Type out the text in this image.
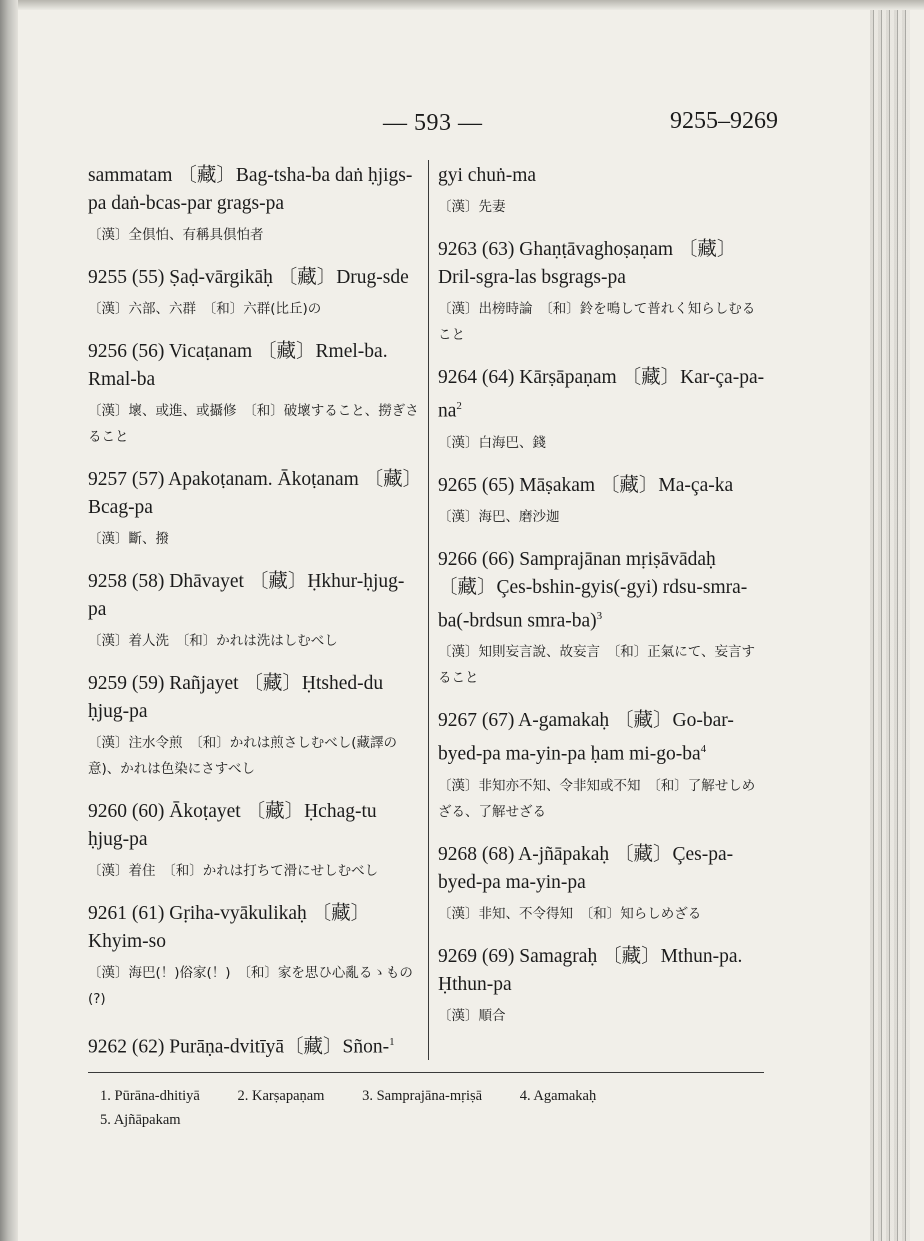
— 593 —	9255–9269

sammatam 〔藏〕Bag-tsha-ba daṅ ḥjigs-pa daṅ-bcas-par grags-pa

〔漢〕全倶怕、有稱具倶怕者

9255 (55) Ṣaḍ-vārgikāḥ 〔藏〕Drug-sde

〔漢〕六部、六群　〔和〕六群(比丘)の

9256 (56) Vicaṭanam 〔藏〕Rmel-ba. Rmal-ba

〔漢〕壞、或進、或攝修　〔和〕破壞すること、撈ぎさること

9257 (57) Apakoṭanam. Ākoṭanam 〔藏〕Bcag-pa

〔漢〕斷、撥

9258 (58) Dhāvayet 〔藏〕Ḥkhur-ḥjug-pa

〔漢〕着人洗　〔和〕かれは洗はしむべし

9259 (59) Rañjayet 〔藏〕Ḥtshed-du ḥjug-pa

〔漢〕注水令煎　〔和〕かれは煎さしむべし(藏譯の意)、かれは色染にさすべし

9260 (60) Ākoṭayet 〔藏〕Ḥchag-tu ḥjug-pa

〔漢〕着住　〔和〕かれは打ちて滑にせしむべし

9261 (61) Gṛiha-vyākulikaḥ 〔藏〕Khyim-so

〔漢〕海巴(！)俗家(！)　〔和〕家を思ひ心亂るゝもの(?)

9262 (62) Purāṇa-dvitīyā〔藏〕Sñon-$^1$

gyi chuṅ-ma

〔漢〕先妻

9263 (63) Ghaṇṭāvaghoṣaṇam 〔藏〕Dril-sgra-las bsgrags-pa

〔漢〕出榜時論　〔和〕鈴を鳴して普れく知らしむること

9264 (64) Kārṣāpaṇam 〔藏〕Kar-$ça-pa-na^2$

〔漢〕白海巴、錢

9265 (65) Māṣakam 〔藏〕Ma-ça-ka

〔漢〕海巴、磨沙迦

9266 (66) Samprajānan mṛiṣāvādaḥ 〔藏〕Çes-bshin-gyis(-gyi) rdsu-smra-ba(-brdsun smra-ba)$^3$

〔漢〕知則妄言說、故妄言　〔和〕正氣にて、妄言すること

9267 (67) A-gamakaḥ 〔藏〕Go-bar-byed-pa ma-yin-pa ḥam $mi-go-ba^4$

〔漢〕非知亦不知、令非知或不知　〔和〕了解せしめざる、了解せざる

9268 (68) A-jñāpakaḥ 〔藏〕Çes-pa-byed-pa ma-yin-pa

〔漢〕非知、不令得知　〔和〕知らしめざる

9269 (69) Samagraḥ 〔藏〕Mthun-pa. Ḥthun-pa

〔漢〕順合

1. Pūrāna-dhitiyā	2. Karṣapaṇam	3. Samprajāna-mṛiṣā	4. Agamakaḥ
5. Ajñāpakam
